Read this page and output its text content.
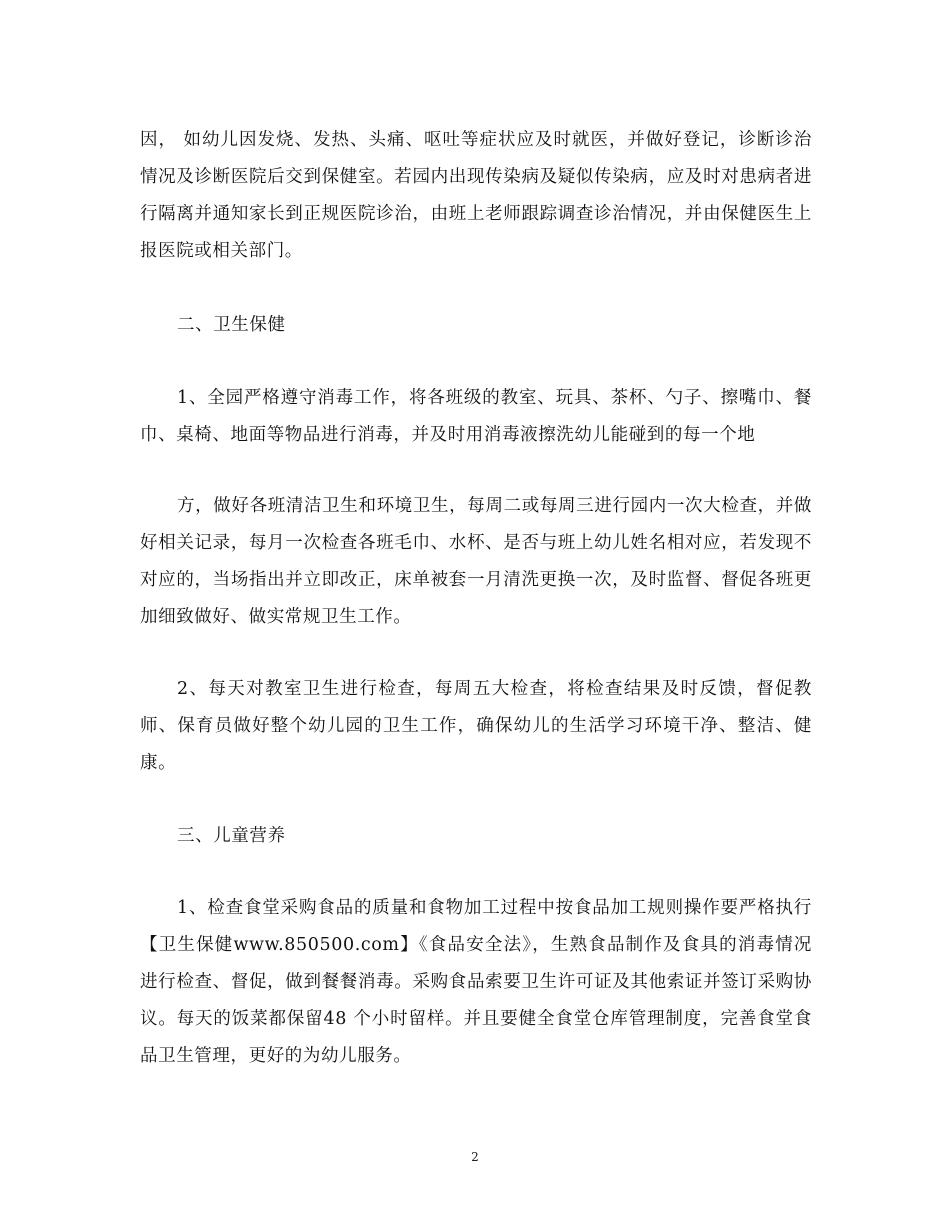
因， 如幼儿因发烧、发热、头痛、呕吐等症状应及时就医，并做好登记，诊断诊治情况及诊断医院后交到保健室。若园内出现传染病及疑似传染病，应及时对患病者进行隔离并通知家长到正规医院诊治，由班上老师跟踪调查诊治情况，并由保健医生上报医院或相关部门。

二、卫生保健

1、全园严格遵守消毒工作，将各班级的教室、玩具、茶杯、勺子、擦嘴巾、餐巾、桌椅、地面等物品进行消毒，并及时用消毒液擦洗幼儿能碰到的每一个地

方，做好各班清洁卫生和环境卫生，每周二或每周三进行园内一次大检查，并做好相关记录，每月一次检查各班毛巾、水杯、是否与班上幼儿姓名相对应，若发现不对应的，当场指出并立即改正，床单被套一月清洗更换一次，及时监督、督促各班更加细致做好、做实常规卫生工作。

2、每天对教室卫生进行检查，每周五大检查，将检查结果及时反馈，督促教师、保育员做好整个幼儿园的卫生工作，确保幼儿的生活学习环境干净、整洁、健康。

三、儿童营养

1、检查食堂采购食品的质量和食物加工过程中按食品加工规则操作要严格执行【卫生保健www.850500.com】《食品安全法》，生熟食品制作及食具的消毒情况进行检查、督促，做到餐餐消毒。采购食品索要卫生许可证及其他索证并签订采购协议。每天的饭菜都保留48 个小时留样。并且要健全食堂仓库管理制度，完善食堂食品卫生管理，更好的为幼儿服务。

2
